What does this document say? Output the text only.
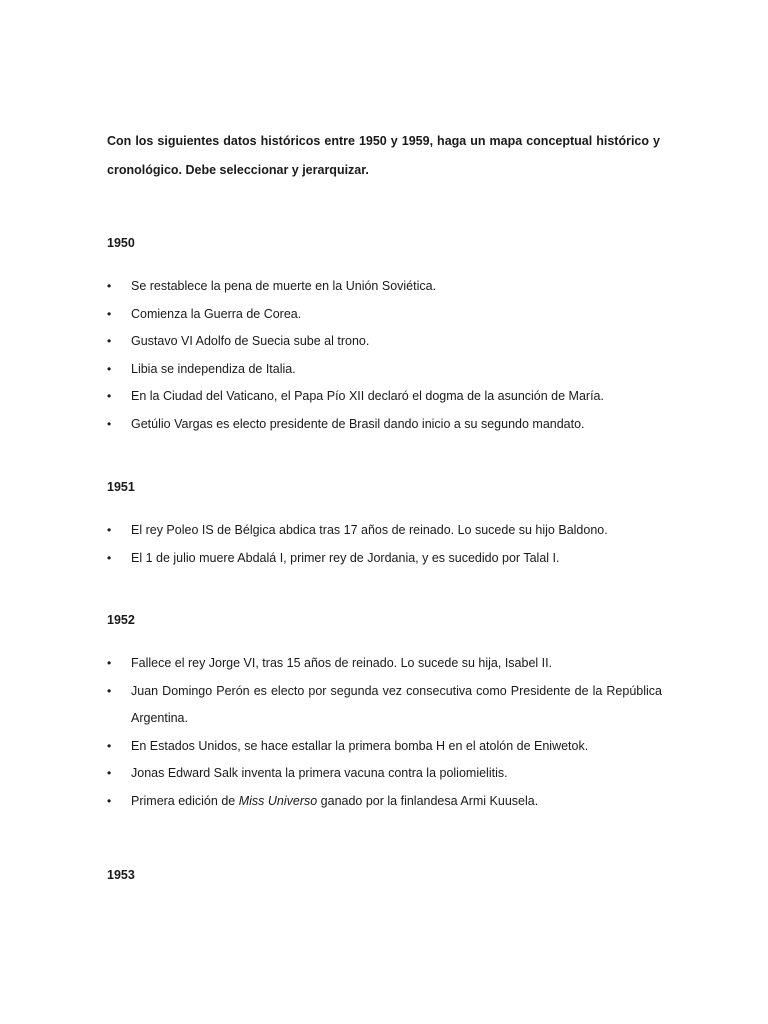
Con los siguientes datos históricos entre 1950 y 1959, haga un mapa conceptual histórico y cronológico. Debe seleccionar y jerarquizar.

1950

• Se restablece la pena de muerte en la Unión Soviética.
• Comienza la Guerra de Corea.
• Gustavo VI Adolfo de Suecia sube al trono.
• Libia se independiza de Italia.
• En la Ciudad del Vaticano, el Papa Pío XII declaró el dogma de la asunción de María.
• Getúlio Vargas es electo presidente de Brasil dando inicio a su segundo mandato.

1951

• El rey Poleo IS de Bélgica abdica tras 17 años de reinado. Lo sucede su hijo Baldono.
• El 1 de julio muere Abdalá I, primer rey de Jordania, y es sucedido por Talal I.

1952

• Fallece el rey Jorge VI, tras 15 años de reinado. Lo sucede su hija, Isabel II.
• Juan Domingo Perón es electo por segunda vez consecutiva como Presidente de la República Argentina.
• En Estados Unidos, se hace estallar la primera bomba H en el atolón de Eniwetok.
• Jonas Edward Salk inventa la primera vacuna contra la poliomielitis.
• Primera edición de Miss Universo ganado por la finlandesa Armi Kuusela.

1953
